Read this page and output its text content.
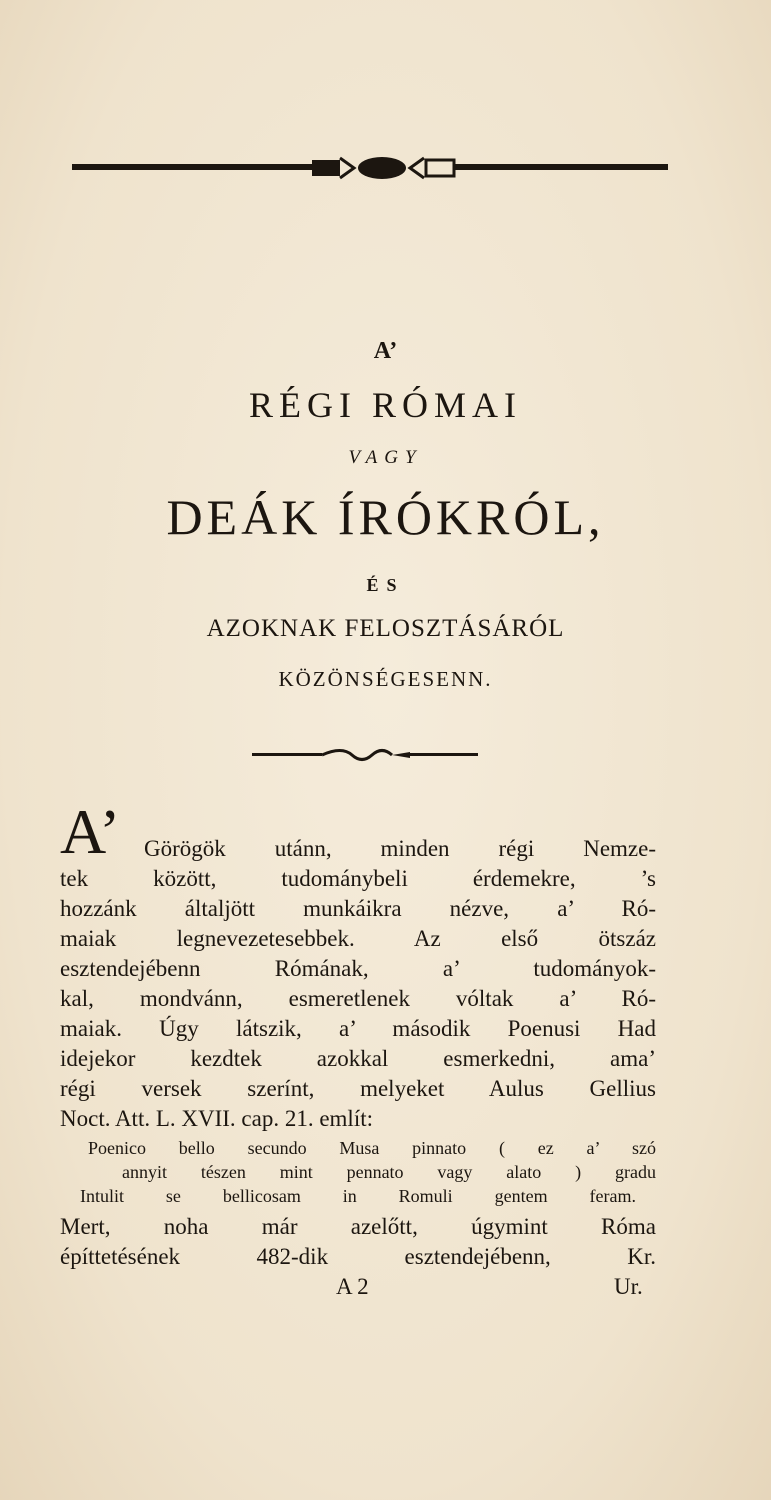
A’
RÉGI RÓMAI
VAGY
DEÁK ÍRÓKRÓL,
ÉS
AZOKNAK FELOSZTÁSÁRÓL
KÖZÖNSÉGESENN.
A’ Görögök utánn, minden régi Nemze-
tek között, tudománybeli érdemekre, ’s
hozzánk általjött munkáikra nézve, a’ Ró-
maiak legnevezetesebbek. Az első ötszáz
esztendejébenn Rómának, a’ tudományok-
kal, mondvánn, esmeretlenek vóltak a’ Ró-
maiak. Úgy látszik, a’ második Poenusi Had
idejekor kezdtek azokkal esmerkedni, ama’
régi versek szerínt, melyeket Aulus Gellius
Noct. Att. L. XVII. cap. 21. említ:
Poenico bello secundo Musa pinnato ( ez a’ szó
annyit tészen mint pennato vagy alato ) gradu
Intulit se bellicosam in Romuli gentem feram.
Mert, noha már azelőtt, úgymint Róma
építtetésének 482-dik esztendejébenn, Kr.
A 2	Ur.
